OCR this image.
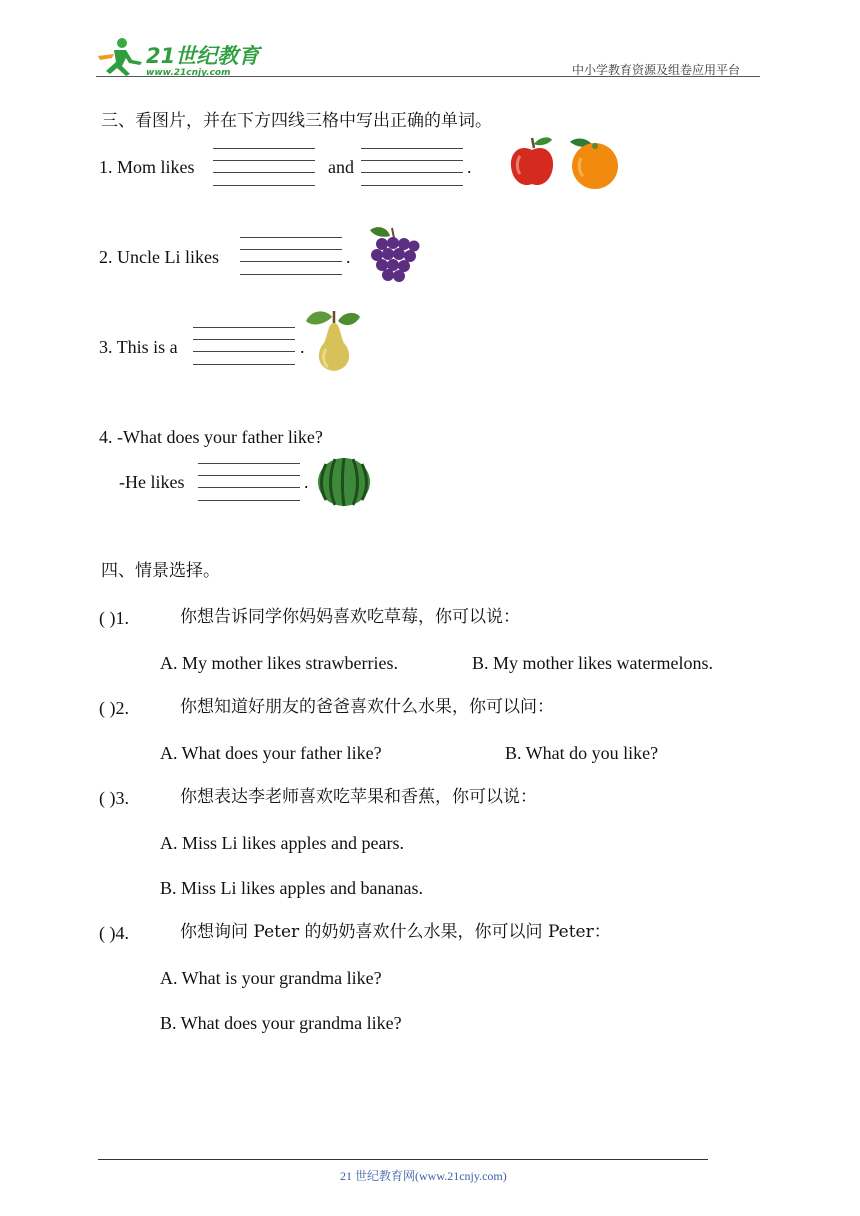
21世纪教育
www.21cnjy.com	中小学教育资源及组卷应用平台
三、看图片，并在下方四线三格中写出正确的单词。
1. Mom likes	and	.
2. Uncle Li likes	.
3. This is a	.
4. -What does your father like?
-He likes	.
四、情景选择。
( )1.	你想告诉同学你妈妈喜欢吃草莓，你可以说：
A. My mother likes strawberries.	B. My mother likes watermelons.
( )2.	你想知道好朋友的爸爸喜欢什么水果，你可以问：
A. What does your father like?	B. What do you like?
( )3.	你想表达李老师喜欢吃苹果和香蕉，你可以说：
A. Miss Li likes apples and pears.
B. Miss Li likes apples and bananas.
( )4.	你想询问 Peter 的奶奶喜欢什么水果，你可以问 Peter：
A. What is your grandma like?
B. What does your grandma like?
21 世纪教育网(www.21cnjy.com)
